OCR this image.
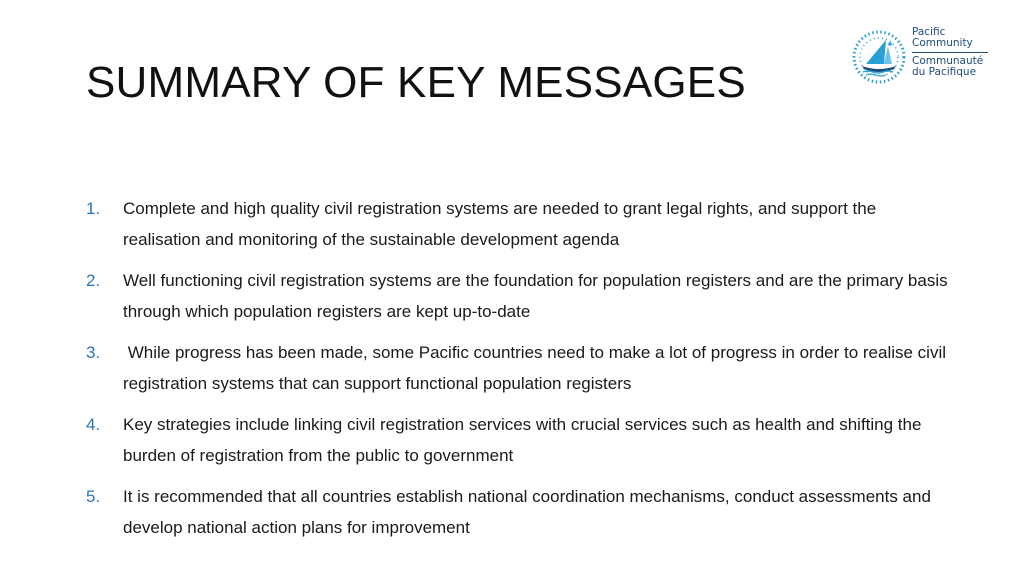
SUMMARY OF KEY MESSAGES
Pacific
Community
Communauté
du Pacifique
1. Complete and high quality civil registration systems are needed to grant legal rights, and support the realisation and monitoring of the sustainable development agenda
2. Well functioning civil registration systems are the foundation for population registers and are the primary basis through which population registers are kept up-to-date
3. While progress has been made, some Pacific countries need to make a lot of progress in order to realise civil registration systems that can support functional population registers
4. Key strategies include linking civil registration services with crucial services such as health and shifting the burden of registration from the public to government
5. It is recommended that all countries establish national coordination mechanisms, conduct assessments and develop national action plans for improvement
